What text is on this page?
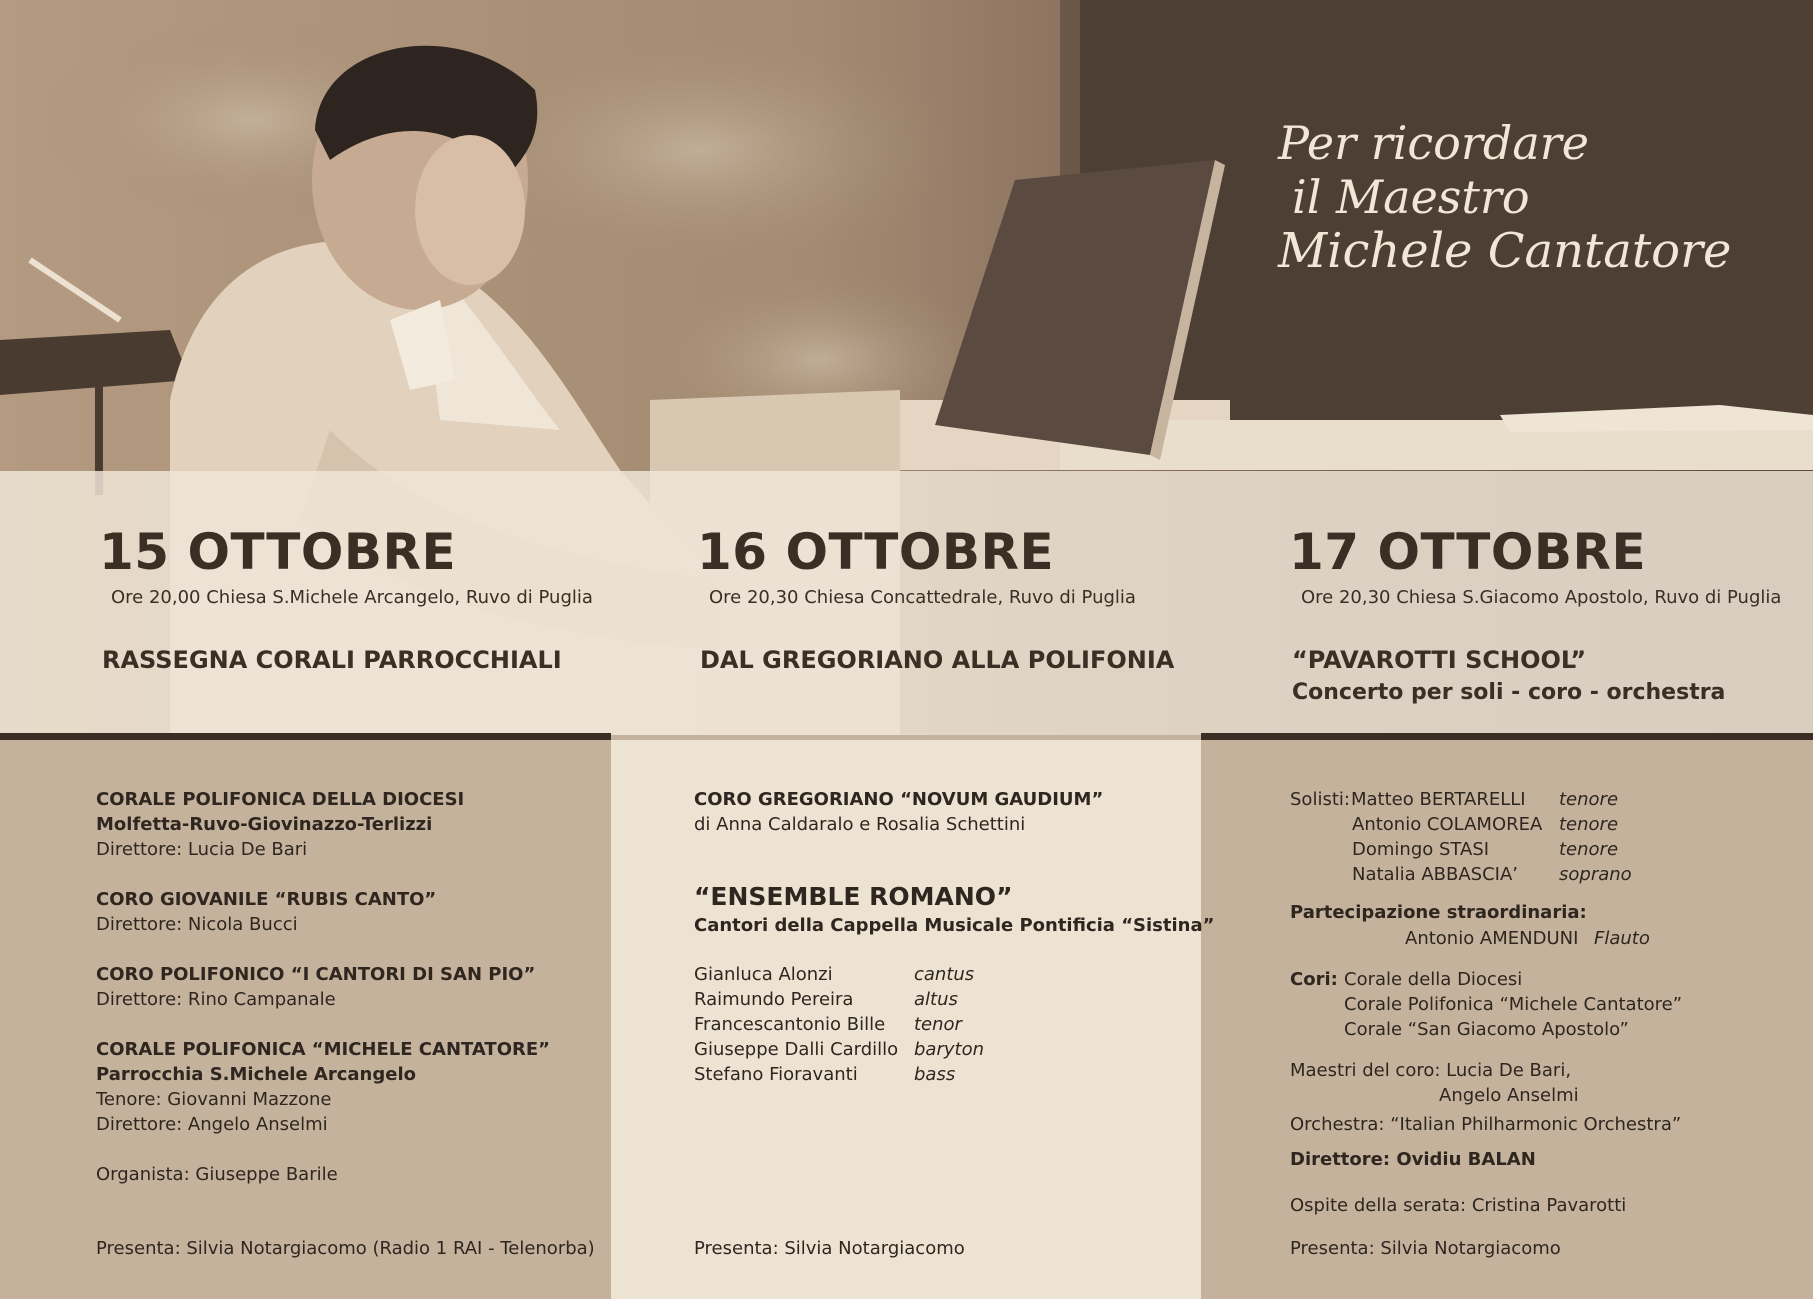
Per ricordare
il Maestro
Michele Cantatore
15 OTTOBRE
Ore 20,00 Chiesa S.Michele Arcangelo, Ruvo di Puglia
RASSEGNA CORALI PARROCCHIALI
16 OTTOBRE
Ore 20,30 Chiesa Concattedrale, Ruvo di Puglia
DAL GREGORIANO ALLA POLIFONIA
17 OTTOBRE
Ore 20,30 Chiesa S.Giacomo Apostolo, Ruvo di Puglia
“PAVAROTTI SCHOOL”
Concerto per soli - coro - orchestra
CORALE POLIFONICA DELLA DIOCESI
Molfetta-Ruvo-Giovinazzo-Terlizzi
Direttore: Lucia De Bari
CORO GIOVANILE “RUBIS CANTO”
Direttore: Nicola Bucci
CORO POLIFONICO “I CANTORI DI SAN PIO”
Direttore: Rino Campanale
CORALE POLIFONICA “MICHELE CANTATORE”
Parrocchia S.Michele Arcangelo
Tenore: Giovanni Mazzone
Direttore: Angelo Anselmi
Organista: Giuseppe Barile
Presenta: Silvia Notargiacomo (Radio 1 RAI - Telenorba)
CORO GREGORIANO “NOVUM GAUDIUM”
di Anna Caldaralo e Rosalia Schettini
“ENSEMBLE ROMANO”
Cantori della Cappella Musicale Pontificia “Sistina”
Gianluca Alonzi	cantus
Raimundo Pereira	altus
Francescantonio Bille tenor
Giuseppe Dalli Cardillo baryton
Stefano Fioravanti	bass
Presenta: Silvia Notargiacomo
Solisti: Matteo BERTARELLI tenore
Antonio COLAMOREA tenore
Domingo STASI	tenore
Natalia ABBASCIA’ soprano
Partecipazione straordinaria:
Antonio AMENDUNI Flauto
Cori: Corale della Diocesi
Corale Polifonica “Michele Cantatore”
Corale “San Giacomo Apostolo”
Maestri del coro: Lucia De Bari,
Angelo Anselmi
Orchestra: “Italian Philharmonic Orchestra”
Direttore: Ovidiu BALAN
Ospite della serata: Cristina Pavarotti
Presenta: Silvia Notargiacomo
